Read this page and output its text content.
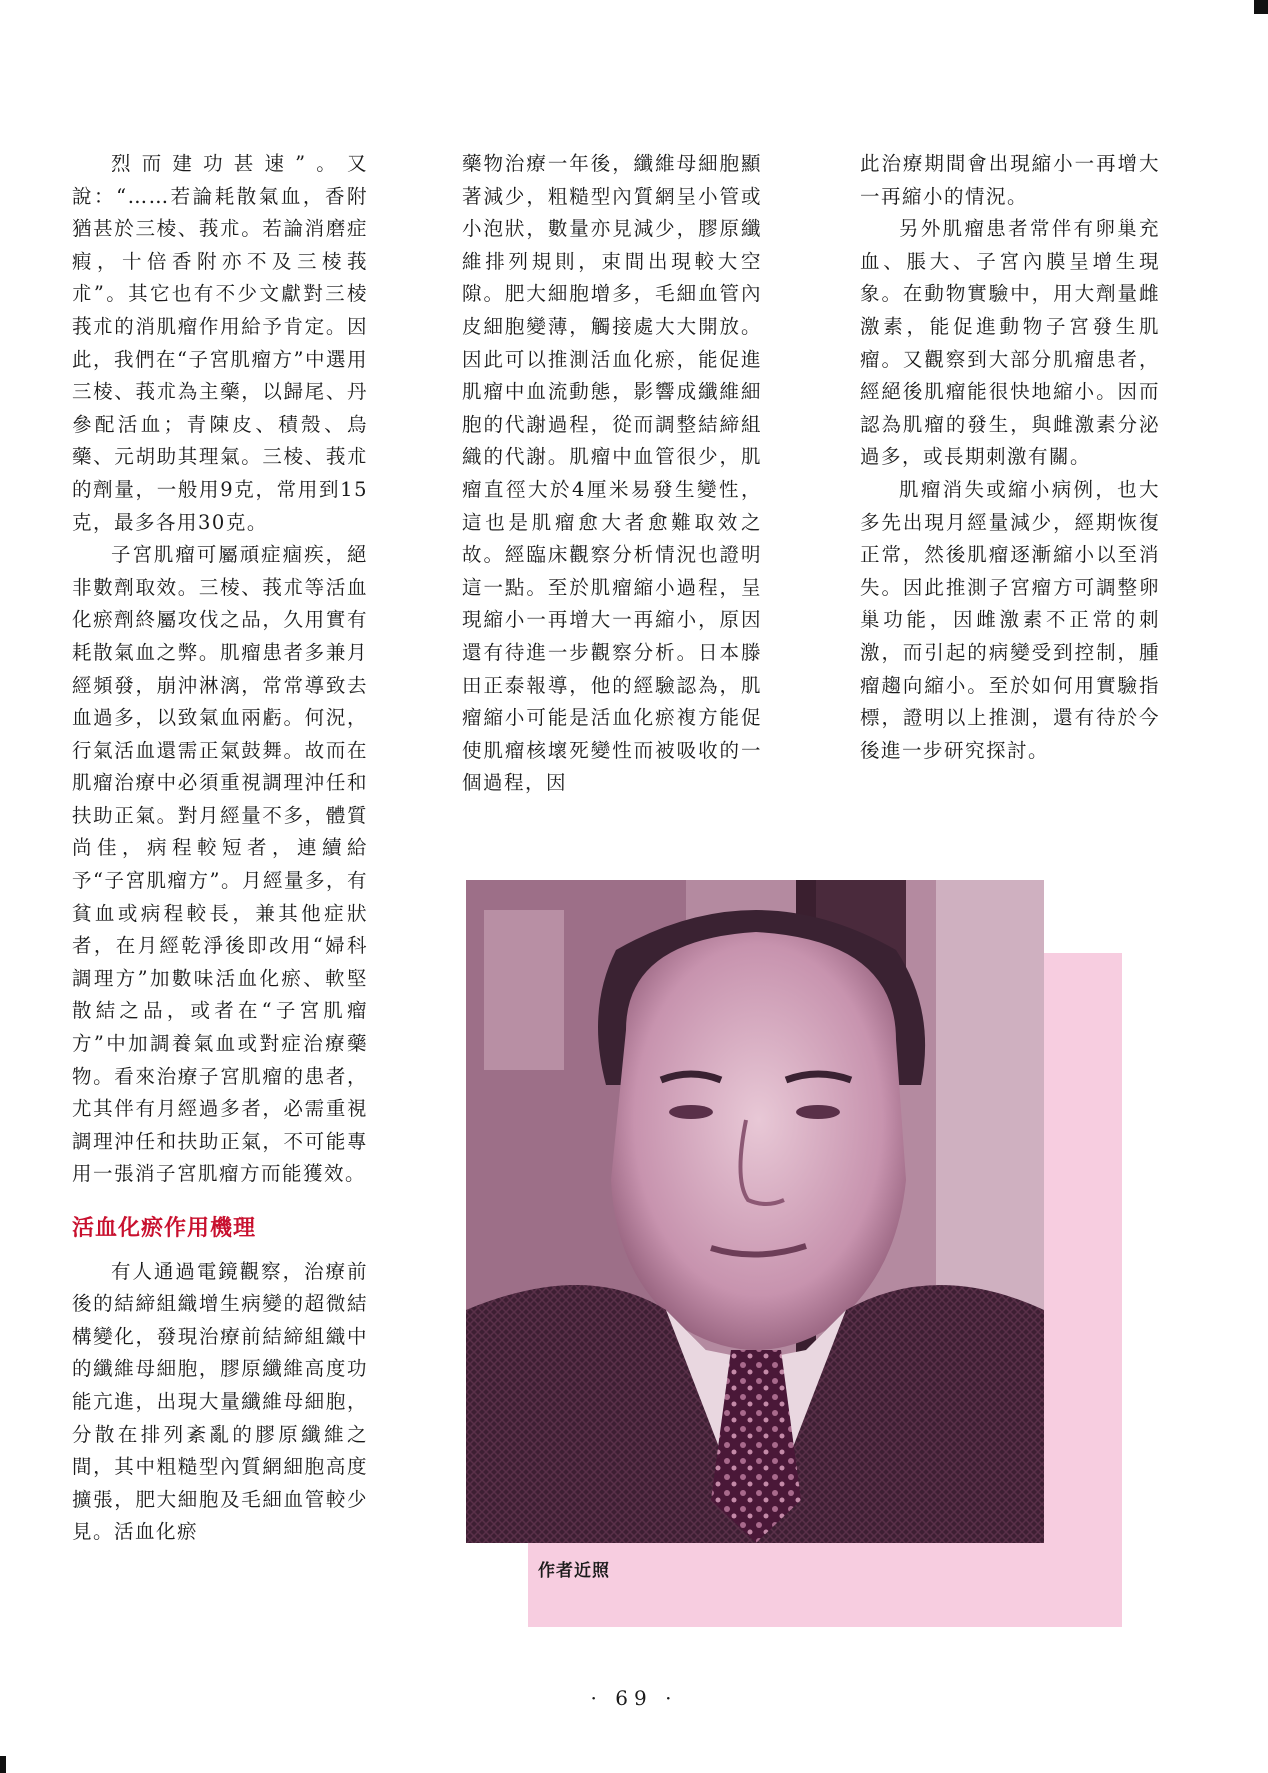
烈而建功甚速”。又說：“……若論耗散氣血，香附猶甚於三棱、莪朮。若論消磨症瘕，十倍香附亦不及三棱莪朮”。其它也有不少文獻對三棱莪朮的消肌瘤作用給予肯定。因此，我們在“子宮肌瘤方”中選用三棱、莪朮為主藥，以歸尾、丹參配活血；青陳皮、積殼、烏藥、元胡助其理氣。三棱、莪朮的劑量，一般用9克，常用到15克，最多各用30克。

子宮肌瘤可屬頑症痼疾，絕非數劑取效。三棱、莪朮等活血化瘀劑終屬攻伐之品，久用實有耗散氣血之弊。肌瘤患者多兼月經頻發，崩沖淋漓，常常導致去血過多，以致氣血兩虧。何況，行氣活血還需正氣鼓舞。故而在肌瘤治療中必須重視調理沖任和扶助正氣。對月經量不多，體質尚佳，病程較短者，連續給予“子宮肌瘤方”。月經量多，有貧血或病程較長，兼其他症狀者，在月經乾淨後即改用“婦科調理方”加數味活血化瘀、軟堅散結之品，或者在“子宮肌瘤方”中加調養氣血或對症治療藥物。看來治療子宮肌瘤的患者，尤其伴有月經過多者，必需重視調理沖任和扶助正氣，不可能專用一張消子宮肌瘤方而能獲效。

活血化瘀作用機理

有人通過電鏡觀察，治療前後的結締組織增生病變的超微結構變化，發現治療前結締組織中的纖維母細胞，膠原纖維高度功能亢進，出現大量纖維母細胞，分散在排列紊亂的膠原纖維之間，其中粗糙型內質網細胞高度擴張，肥大細胞及毛細血管較少見。活血化瘀

藥物治療一年後，纖維母細胞顯著減少，粗糙型內質網呈小管或小泡狀，數量亦見減少，膠原纖維排列規則，束間出現較大空隙。肥大細胞增多，毛細血管內皮細胞變薄，觸接處大大開放。因此可以推測活血化瘀，能促進肌瘤中血流動態，影響成纖維細胞的代謝過程，從而調整結締組織的代謝。肌瘤中血管很少，肌瘤直徑大於4厘米易發生變性，這也是肌瘤愈大者愈難取效之故。經臨床觀察分析情況也證明這一點。至於肌瘤縮小過程，呈現縮小一再增大一再縮小，原因還有待進一步觀察分析。日本滕田正泰報導，他的經驗認為，肌瘤縮小可能是活血化瘀複方能促使肌瘤核壞死變性而被吸收的一個過程，因

此治療期間會出現縮小一再增大一再縮小的情況。

另外肌瘤患者常伴有卵巢充血、脹大、子宮內膜呈增生現象。在動物實驗中，用大劑量雌激素，能促進動物子宮發生肌瘤。又觀察到大部分肌瘤患者，經絕後肌瘤能很快地縮小。因而認為肌瘤的發生，與雌激素分泌過多，或長期刺激有關。

肌瘤消失或縮小病例，也大多先出現月經量減少，經期恢復正常，然後肌瘤逐漸縮小以至消失。因此推測子宮瘤方可調整卵巢功能，因雌激素不正常的刺激，而引起的病變受到控制，腫瘤趨向縮小。至於如何用實驗指標，證明以上推測，還有待於今後進一步研究探討。

作者近照
· 69 ·
